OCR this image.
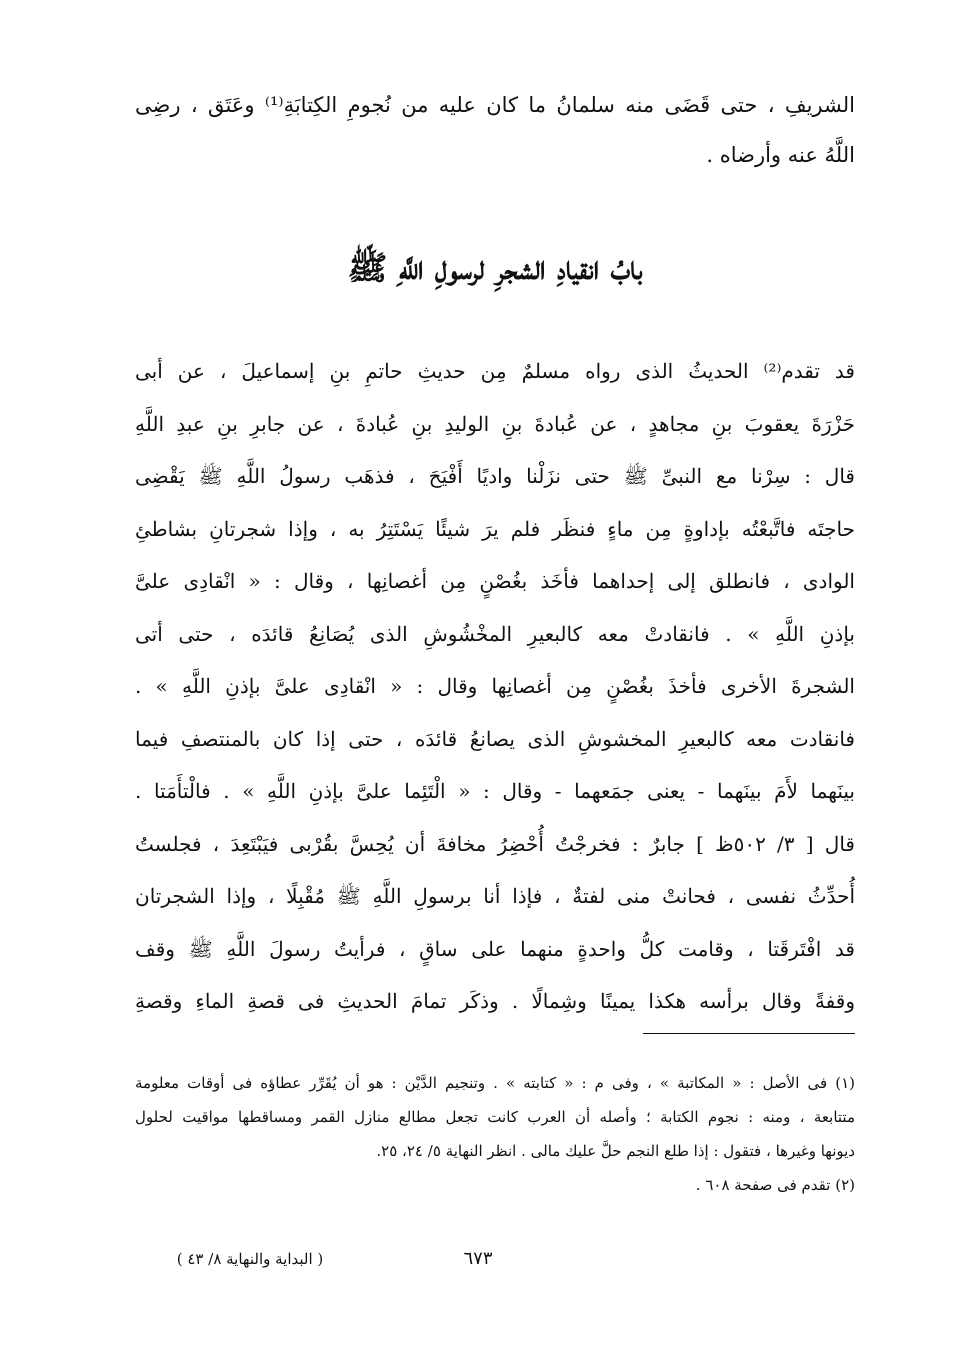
الشريفِ ، حتى قَضَى منه سلمانُ ما كان عليه من نُجومِ الكِتابَةِ⁽¹⁾ وعَتَق ، رضِى
اللَّهُ عنه وأرضاه .
بابُ انقيادِ الشجرِ لرسولِ اللَّهِ ﷺ
قد تقدم⁽²⁾ الحديثُ الذى رواه مسلمٌ مِن حديثِ حاتمِ بنِ إسماعيلَ ، عن أبى
حَزْرَةَ يعقوبَ بنِ مجاهدٍ ، عن عُبادةَ بنِ الوليدِ بنِ عُبادةَ ، عن جابرِ بنِ عبدِ اللَّهِ
قال : سِرْنا مع النبىِّ ﷺ حتى نزَلْنا واديًا أَفْيَحَ ، فذهَب رسولُ اللَّهِ ﷺ يَقْضِى
حاجتَه فاتَّبعْتُه بإداوةٍ مِن ماءٍ فنظَر فلم يرَ شيئًا يَسْتَتِرُ به ، وإذا شجرتانِ بشاطئِ
الوادى ، فانطلق إلى إحداهما فأخَذ بغُصْنٍ مِن أغصانِها ، وقال : « انْقادِى علىَّ
بإذنِ اللَّهِ » . فانقادتْ معه كالبعيرِ المخْشُوشِ الذى يُصَانِعُ قائدَه ، حتى أتى
الشجرةَ الأخرى فأخذَ بغُصْنٍ مِن أغصانِها وقال : « انْقادِى علىَّ بإذنِ اللَّهِ » .
فانقادت معه كالبعيرِ المخشوشِ الذى يصانعُ قائدَه ، حتى إذا كان بالمنتصفِ فيما
بينَهما لأَمَ بينَهما - يعنى جمَعهما - وقال : « الْتَئِما علىَّ بإذنِ اللَّهِ » . فالْتأَمَتا .
قال [ ٣/ ٥٠٢ظ ] جابرٌ : فخرجْتُ أُحْضِرُ مخافةَ أن يُحِسَّ بقُرْبى فيَبْتَعِدَ ، فجلستُ
أُحدِّثُ نفسى ، فحانتْ منى لفتةٌ ، فإذا أنا برسولِ اللَّهِ ﷺ مُقْبِلًا ، وإذا الشجرتان
قد افْتَرقَتا ، وقامت كلُّ واحدةٍ منهما على ساقٍ ، فرأيتُ رسولَ اللَّهِ ﷺ وقف
وقفةً وقال برأسه هكذا يمينًا وشِمالًا . وذكَر تمامَ الحديثِ فى قصةِ الماءِ وقصةِ
(١) فى الأصل : « المكاتبة » ، وفى م : « كتابته » . وتنجيم الدَّيْن : هو أن يُقَرِّر عطاؤه فى أوقات معلومة
متتابعة ، ومنه : نجوم الكتابة ؛ وأصله أن العرب كانت تجعل مطالع منازل القمر ومساقطها مواقيت لحلول
ديونها وغيرها ، فتقول : إذا طلع النجم حلَّ عليك مالى . انظر النهاية ٥/ ٢٤، ٢٥.
(٢) تقدم فى صفحة ٦٠٨ .
٦٧٣
( البداية والنهاية ٨/ ٤٣ )
